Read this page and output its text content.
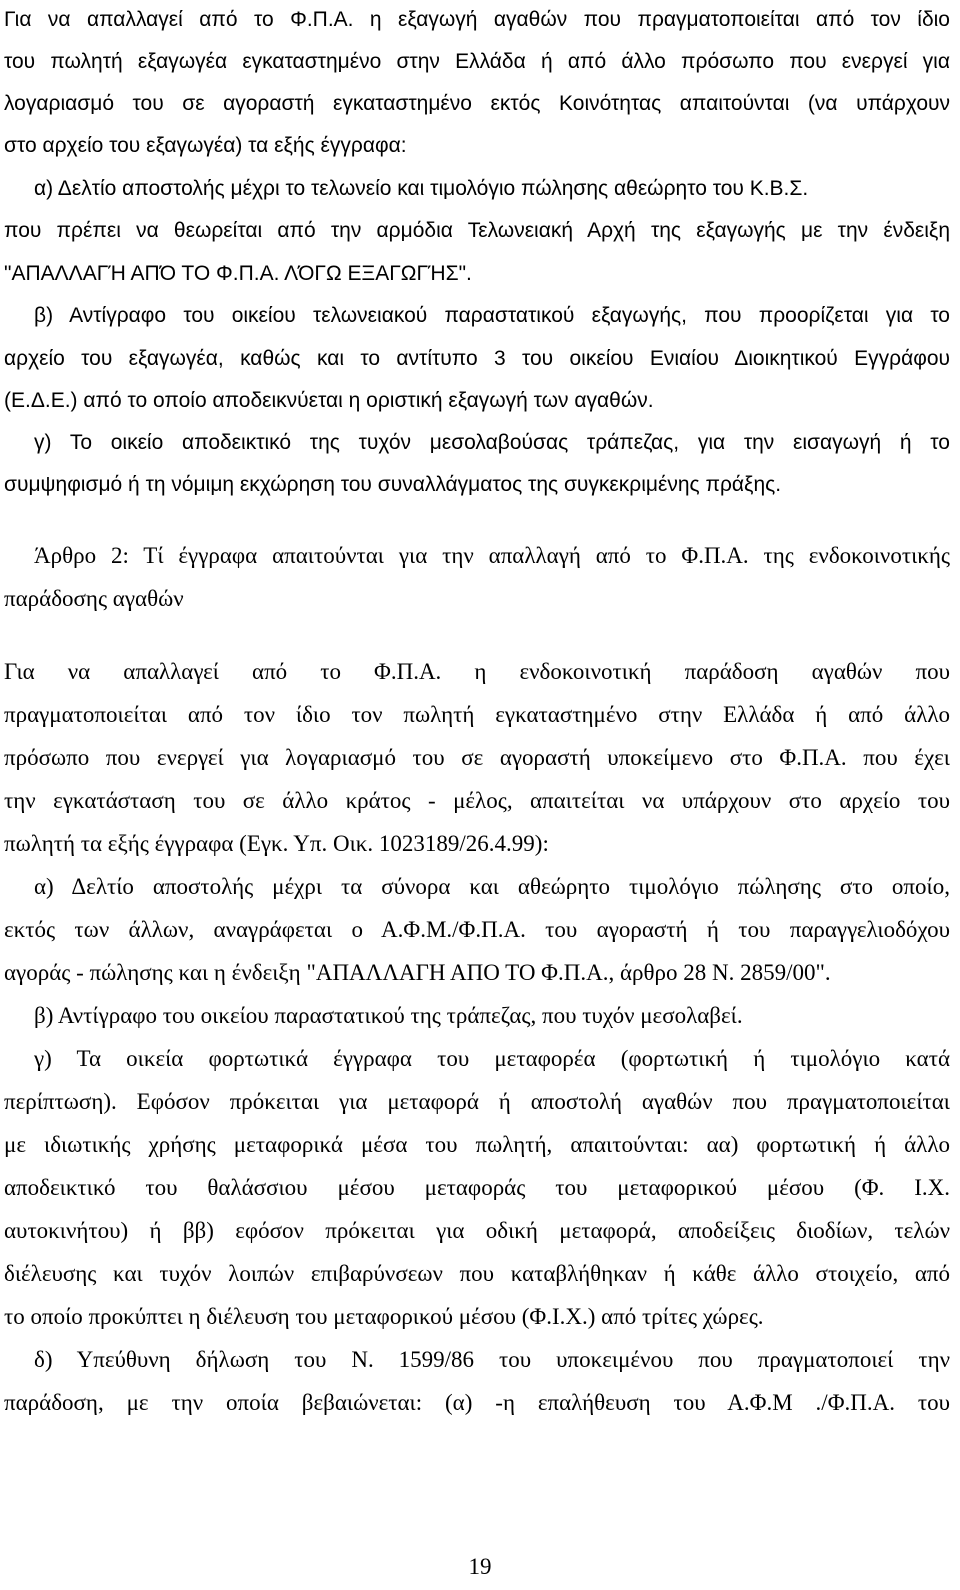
Για να απαλλαγεί από το Φ.Π.Α. η εξαγωγή αγαθών που πραγματοποιείται από τον ίδιο
του πωλητή εξαγωγέα εγκαταστημένο στην Ελλάδα ή από άλλο πρόσωπο που ενεργεί για
λογαριασμό του σε αγοραστή εγκαταστημένο εκτός Κοινότητας απαιτούνται (να υπάρχουν
στο αρχείο του εξαγωγέα) τα εξής έγγραφα:
α) Δελτίο αποστολής μέχρι το τελωνείο και τιμολόγιο πώλησης αθεώρητο του Κ.Β.Σ.
που πρέπει να θεωρείται από την αρμόδια Τελωνειακή Αρχή της εξαγωγής με την ένδειξη
"ΑΠΑΛΛΑΓΉ ΑΠΌ ΤΟ Φ.Π.Α. ΛΌΓΩ ΕΞΑΓΩΓΉΣ".
β) Αντίγραφο του οικείου τελωνειακού παραστατικού εξαγωγής, που προορίζεται για το
αρχείο του εξαγωγέα, καθώς και το αντίτυπο 3 του οικείου Ενιαίου Διοικητικού Εγγράφου
(Ε.Δ.Ε.) από το οποίο αποδεικνύεται η οριστική εξαγωγή των αγαθών.
γ) Το οικείο αποδεικτικό της τυχόν μεσολαβούσας τράπεζας, για την εισαγωγή ή το
συμψηφισμό ή τη νόμιμη εκχώρηση του συναλλάγματος της συγκεκριμένης πράξης.
Άρθρο 2: Τί έγγραφα απαιτούνται για την απαλλαγή από το Φ.Π.Α. της ενδοκοινοτικής
παράδοσης αγαθών
Για να απαλλαγεί από το Φ.Π.Α. η ενδοκοινοτική παράδοση αγαθών που
πραγματοποιείται από τον ίδιο τον πωλητή εγκαταστημένο στην Ελλάδα ή από άλλο
πρόσωπο που ενεργεί για λογαριασμό του σε αγοραστή υποκείμενο στο Φ.Π.Α. που έχει
την εγκατάσταση του σε άλλο κράτος - μέλος, απαιτείται να υπάρχουν στο αρχείο του
πωλητή τα εξής έγγραφα (Εγκ. Υπ. Οικ. 1023189/26.4.99):
α) Δελτίο αποστολής μέχρι τα σύνορα και αθεώρητο τιμολόγιο πώλησης στο οποίο,
εκτός των άλλων, αναγράφεται ο Α.Φ.Μ./Φ.Π.Α. του αγοραστή ή του παραγγελιοδόχου
αγοράς - πώλησης και η ένδειξη "ΑΠΑΛΛΑΓΗ ΑΠΟ ΤΟ Φ.Π.Α., άρθρο 28 Ν. 2859/00".
β) Αντίγραφο του οικείου παραστατικού της τράπεζας, που τυχόν μεσολαβεί.
γ) Τα οικεία φορτωτικά έγγραφα του μεταφορέα (φορτωτική ή τιμολόγιο κατά
περίπτωση). Εφόσον πρόκειται για μεταφορά ή αποστολή αγαθών που πραγματοποιείται
με ιδιωτικής χρήσης μεταφορικά μέσα του πωλητή, απαιτούνται: αα) φορτωτική ή άλλο
αποδεικτικό του θαλάσσιου μέσου μεταφοράς του μεταφορικού μέσου (Φ. Ι.Χ.
αυτοκινήτου) ή ββ) εφόσον πρόκειται για οδική μεταφορά, αποδείξεις διοδίων, τελών
διέλευσης και τυχόν λοιπών επιβαρύνσεων που καταβλήθηκαν ή κάθε άλλο στοιχείο, από
το οποίο προκύπτει η διέλευση του μεταφορικού μέσου (Φ.Ι.Χ.) από τρίτες χώρες.
δ) Υπεύθυνη δήλωση του Ν. 1599/86 του υποκειμένου που πραγματοποιεί την
παράδοση, με την οποία βεβαιώνεται: (α) -η επαλήθευση του Α.Φ.Μ ./Φ.Π.Α. του
19
